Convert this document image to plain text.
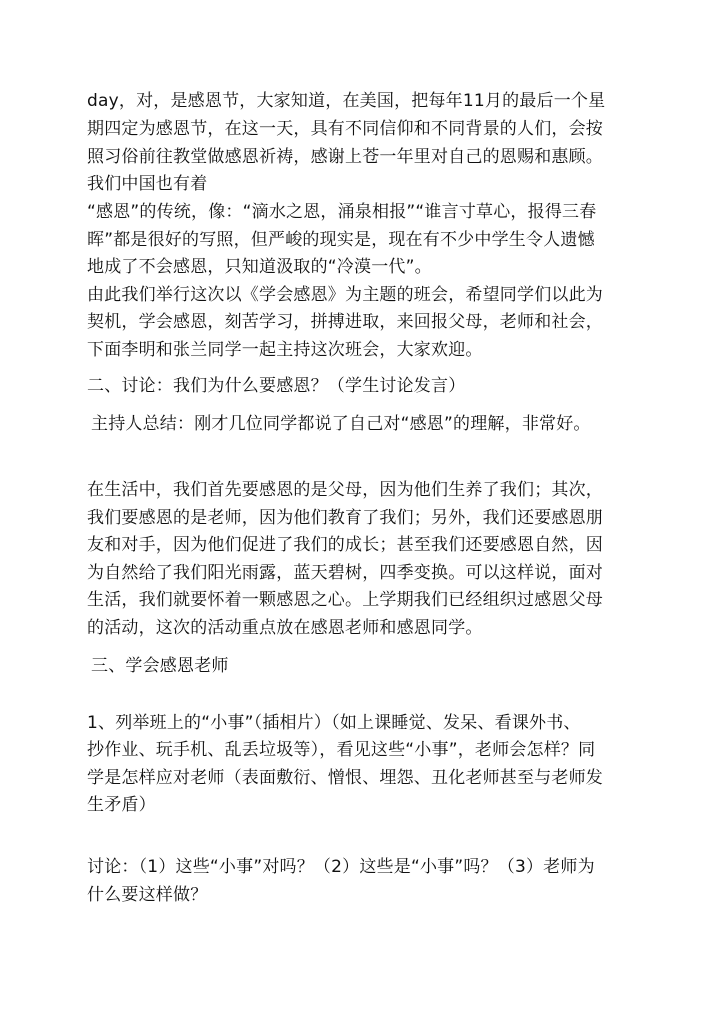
day，对，是感恩节，大家知道，在美国，把每年11月的最后一个星
期四定为感恩节，在这一天，具有不同信仰和不同背景的人们，会按
照习俗前往教堂做感恩祈祷，感谢上苍一年里对自己的恩赐和惠顾。
我们中国也有着
“感恩”的传统，像：“滴水之恩，涌泉相报”“谁言寸草心，报得三春
晖”都是很好的写照，但严峻的现实是，现在有不少中学生令人遗憾
地成了不会感恩，只知道汲取的“冷漠一代”。
由此我们举行这次以《学会感恩》为主题的班会，希望同学们以此为
契机，学会感恩，刻苦学习，拼搏进取，来回报父母，老师和社会，
下面李明和张兰同学一起主持这次班会，大家欢迎。
二、讨论：我们为什么要感恩？（学生讨论发言）
主持人总结：刚才几位同学都说了自己对“感恩”的理解，非常好。
在生活中，我们首先要感恩的是父母，因为他们生养了我们；其次，
我们要感恩的是老师，因为他们教育了我们；另外，我们还要感恩朋
友和对手，因为他们促进了我们的成长；甚至我们还要感恩自然，因
为自然给了我们阳光雨露，蓝天碧树，四季变换。可以这样说，面对
生活，我们就要怀着一颗感恩之心。上学期我们已经组织过感恩父母
的活动，这次的活动重点放在感恩老师和感恩同学。
三、学会感恩老师
1、列举班上的“小事”（插相片）（如上课睡觉、发呆、看课外书、
抄作业、玩手机、乱丢垃圾等），看见这些“小事”，老师会怎样？同
学是怎样应对老师（表面敷衍、憎恨、埋怨、丑化老师甚至与老师发
生矛盾）
讨论：（1）这些“小事”对吗？（2）这些是“小事”吗？（3）老师为
什么要这样做？
